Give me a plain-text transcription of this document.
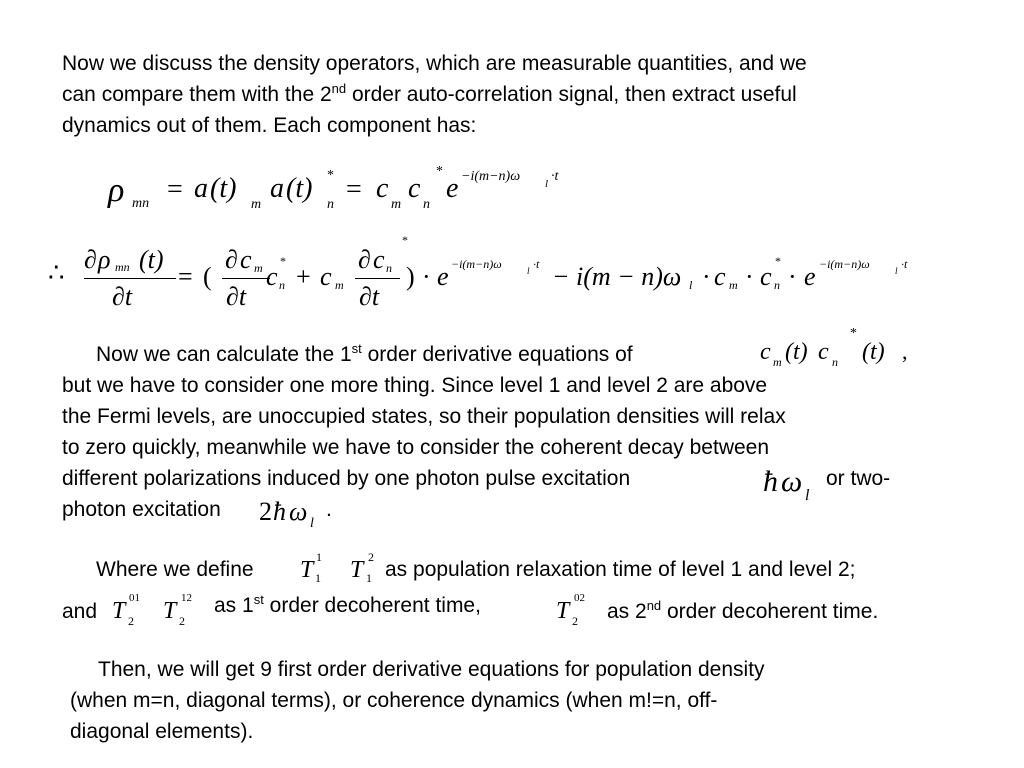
Now we discuss the density operators, which are measurable quantities, and we
can compare them with the 2nd order auto-correlation signal, then extract useful
dynamics out of them. Each component has:
ρ mn = a (t)
m
a (t)
n
* = c
m
c
n
*
e −i(m−n)ω l ·t
∴ ∂ ρ mn (t)
∂t
= (
∂ c m
∂t
c n
*
+ c m
∂ c n
∂t
*
) · e −i(m−n)ω	l ·t − i(m − n)ω l · c m · c n
*
· e −i(m−n)ω	l ·t
Now we can calculate the 1st order derivative equations of	c m (t) c n
*
(t) ,
but we have to consider one more thing. Since level 1 and level 2 are above
the Fermi levels, are unoccupied states, so their population densities will relax
to zero quickly, meanwhile we have to consider the coherent decay between
different polarizations induced by one photon pulse excitation	ħ ω l
or two-
photon excitation 2 ħ ω l
.
Where we define T 1
1 T 2
1 as population relaxation time of level 1 and level 2;
and T 01
2 T 12
2
as 1st order decoherent time,	T 02
2 as 2nd order decoherent time.
Then, we will get 9 first order derivative equations for population density
(when m=n, diagonal terms), or coherence dynamics (when m!=n, off-
diagonal elements).
